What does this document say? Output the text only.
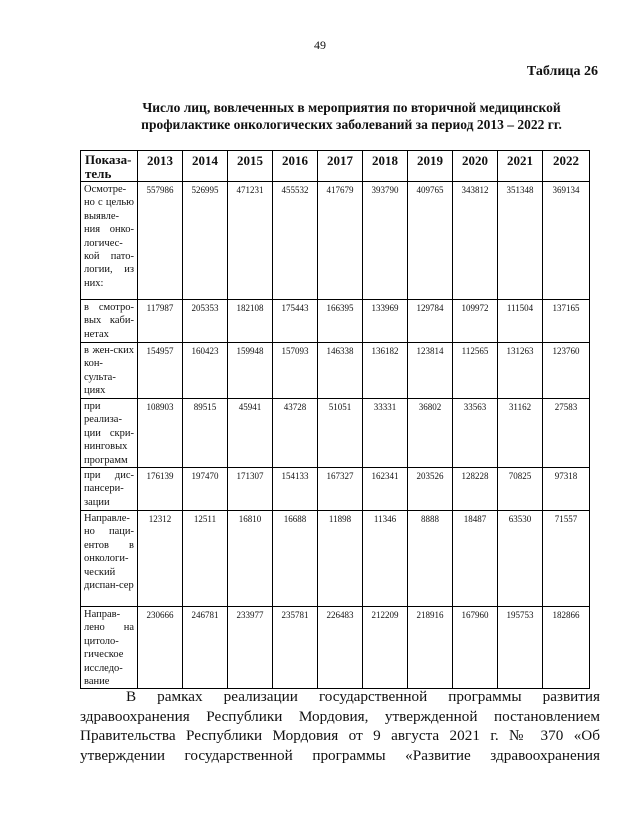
49
Таблица 26
Число лиц, вовлеченных в мероприятия по вторичной медицинской профилактике онкологических заболеваний за период 2013 – 2022 гг.
Показа-тель	2013	2014	2015	2016	2017	2018	2019	2020	2021	2022
Осмотре-но с целью выявле-ния онко-логичес-кой пато-логии, из них:	557986	526995	471231	455532	417679	393790	409765	343812	351348	369134
в смотро-вых каби-нетах	117987	205353	182108	175443	166395	133969	129784	109972	111504	137165
в жен-ских кон-сульта-циях	154957	160423	159948	157093	146338	136182	123814	112565	131263	123760
при реализа-ции скри-нинговых программ	108903	89515	45941	43728	51051	33331	36802	33563	31162	27583
при дис-пансери-зации	176139	197470	171307	154133	167327	162341	203526	128228	70825	97318
Направле-но паци-ентов в онкологи-ческий диспан-сер	12312	12511	16810	16688	11898	11346	8888	18487	63530	71557
Направ-лено на цитоло-гическое исследо-вание	230666	246781	233977	235781	226483	212209	218916	167960	195753	182866
В рамках реализации государственной программы развития
здравоохранения Республики Мордовия, утвержденной постановлением
Правительства Республики Мордовия от 9 августа 2021 г. № 370 «Об
утверждении государственной программы «Развитие здравоохранения
